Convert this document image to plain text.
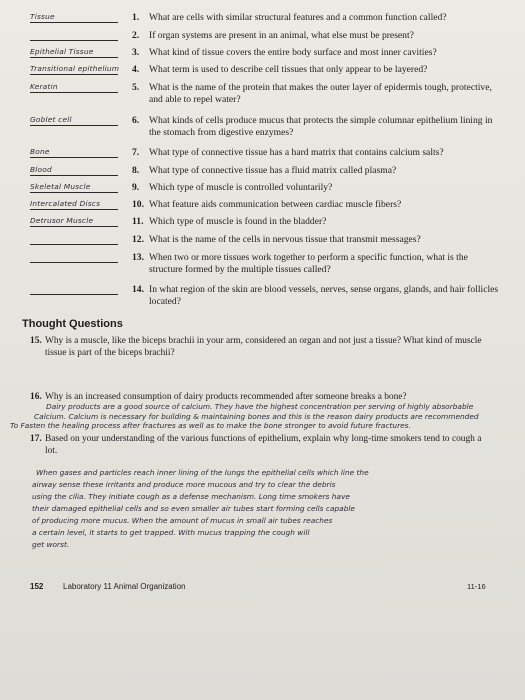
Tissue	1. What are cells with similar structural features and a common function called?
2. If organ systems are present in an animal, what else must be present?
Epithelial Tissue	3. What kind of tissue covers the entire body surface and most inner cavities?
Transitional epithelium 4. What term is used to describe cell tissues that only appear to be layered?
Keratin	5. What is the name of the protein that makes the outer layer of epidermis tough, protective, and able to repel water?
Goblet cell	6. What kinds of cells produce mucus that protects the simple columnar epithelium lining in the stomach from digestive enzymes?
Bone	7. What type of connective tissue has a hard matrix that contains calcium salts?
Blood	8. What type of connective tissue has a fluid matrix called plasma?
Skeletal Muscle	9. Which type of muscle is controlled voluntarily?
Intercalated Discs	10. What feature aids communication between cardiac muscle fibers?
Detrusor Muscle	11. Which type of muscle is found in the bladder?
12. What is the name of the cells in nervous tissue that transmit messages?
13. When two or more tissues work together to perform a specific function, what is the structure formed by the multiple tissues called?
14. In what region of the skin are blood vessels, nerves, sense organs, glands, and hair follicles located?
Thought Questions
15. Why is a muscle, like the biceps brachii in your arm, considered an organ and not just a tissue? What kind of muscle tissue is part of the biceps brachii?
16. Why is an increased consumption of dairy products recommended after someone breaks a bone?
Dairy products are a good source of calcium. They have the highest concentration per serving of highly absorbable
Calcium. Calcium is necessary for building & maintaining bones and this is the reason dairy products are recommended
To Fasten the healing process after fractures as well as to make the bone stronger to avoid future fractures.
17. Based on your understanding of the various functions of epithelium, explain why long-time smokers tend to cough a lot.
When gases and particles reach inner lining of the lungs the epithelial cells which line the
airway sense these irritants and produce more mucous and try to clear the debris
using the cilia. They initiate cough as a defense mechanism. Long time smokers have
their damaged epithelial cells and so even smaller air tubes start forming cells capable
of producing more mucus. When the amount of mucus in small air tubes reaches
a certain level, it starts to get trapped. With mucus trapping the cough will
get worst.
152 Laboratory 11 Animal Organization	11-16
